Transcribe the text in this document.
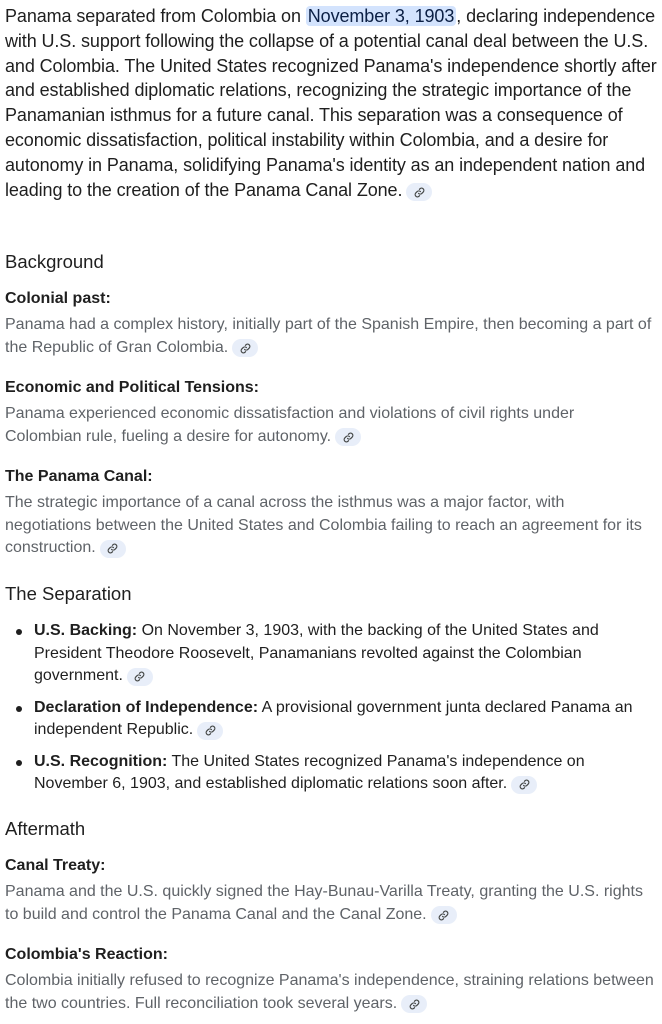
Panama separated from Colombia on November 3, 1903 , declaring independence with U.S. support following the collapse of a potential canal deal between the U.S. and Colombia. The United States recognized Panama's independence shortly after and established diplomatic relations, recognizing the strategic importance of the Panamanian isthmus for a future canal. This separation was a consequence of economic dissatisfaction, political instability within Colombia, and a desire for autonomy in Panama, solidifying Panama's identity as an independent nation and leading to the creation of the Panama Canal Zone.

Background

Colonial past:

Panama had a complex history, initially part of the Spanish Empire, then becoming a part of the Republic of Gran Colombia.

Economic and Political Tensions:

Panama experienced economic dissatisfaction and violations of civil rights under Colombian rule, fueling a desire for autonomy.

The Panama Canal:

The strategic importance of a canal across the isthmus was a major factor, with negotiations between the United States and Colombia failing to reach an agreement for its construction.

The Separation
U.S. Backing: On November 3, 1903, with the backing of the United States and President Theodore Roosevelt, Panamanians revolted against the Colombian government.
Declaration of Independence: A provisional government junta declared Panama an independent Republic.
U.S. Recognition: The United States recognized Panama's independence on November 6, 1903, and established diplomatic relations soon after.
Aftermath

Canal Treaty:

Panama and the U.S. quickly signed the Hay-Bunau-Varilla Treaty, granting the U.S. rights to build and control the Panama Canal and the Canal Zone.

Colombia's Reaction:

Colombia initially refused to recognize Panama's independence, straining relations between the two countries. Full reconciliation took several years.
